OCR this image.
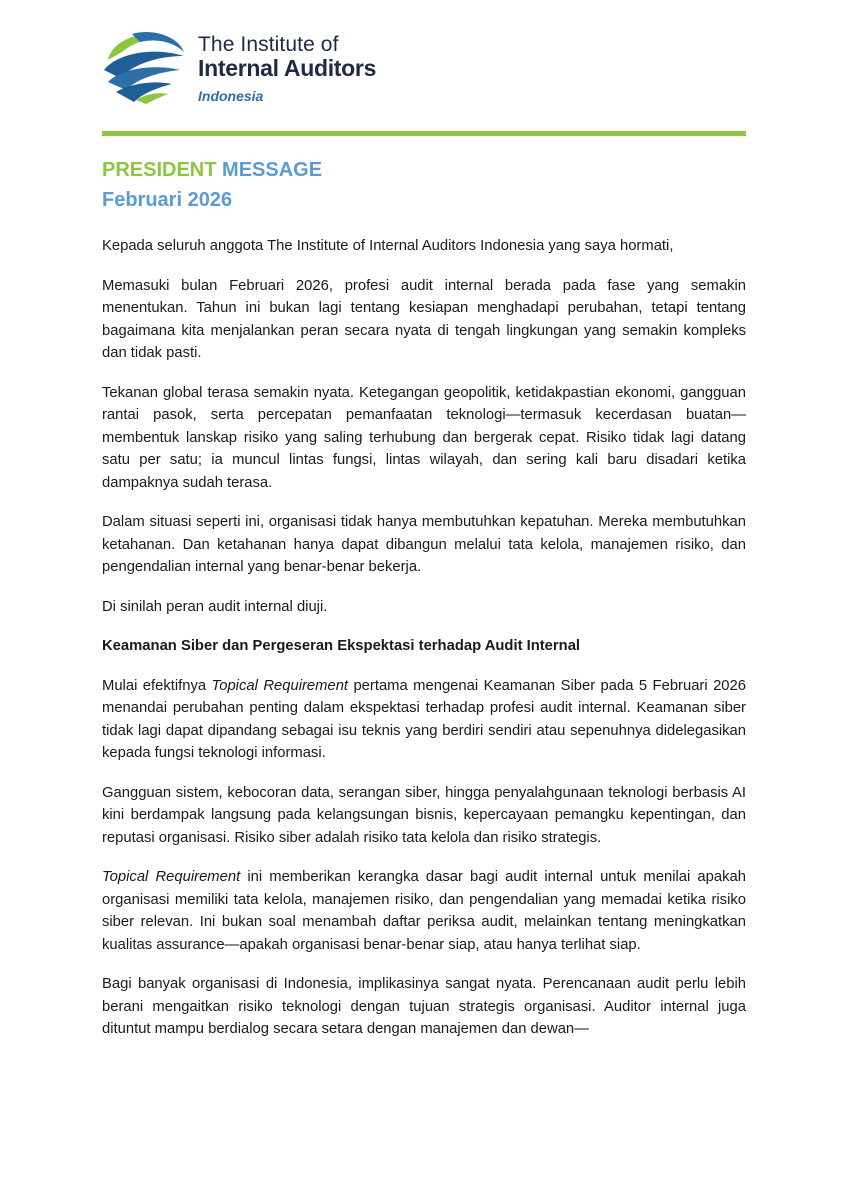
The Institute of
Internal Auditors
Indonesia
PRESIDENT MESSAGE
Februari 2026

Kepada seluruh anggota The Institute of Internal Auditors Indonesia yang saya hormati,

Memasuki bulan Februari 2026, profesi audit internal berada pada fase yang semakin menentukan. Tahun ini bukan lagi tentang kesiapan menghadapi perubahan, tetapi tentang bagaimana kita menjalankan peran secara nyata di tengah lingkungan yang semakin kompleks dan tidak pasti.

Tekanan global terasa semakin nyata. Ketegangan geopolitik, ketidakpastian ekonomi, gangguan rantai pasok, serta percepatan pemanfaatan teknologi—termasuk kecerdasan buatan—membentuk lanskap risiko yang saling terhubung dan bergerak cepat. Risiko tidak lagi datang satu per satu; ia muncul lintas fungsi, lintas wilayah, dan sering kali baru disadari ketika dampaknya sudah terasa.

Dalam situasi seperti ini, organisasi tidak hanya membutuhkan kepatuhan. Mereka membutuhkan ketahanan. Dan ketahanan hanya dapat dibangun melalui tata kelola, manajemen risiko, dan pengendalian internal yang benar-benar bekerja.

Di sinilah peran audit internal diuji.

Keamanan Siber dan Pergeseran Ekspektasi terhadap Audit Internal

Mulai efektifnya Topical Requirement pertama mengenai Keamanan Siber pada 5 Februari 2026 menandai perubahan penting dalam ekspektasi terhadap profesi audit internal. Keamanan siber tidak lagi dapat dipandang sebagai isu teknis yang berdiri sendiri atau sepenuhnya didelegasikan kepada fungsi teknologi informasi.

Gangguan sistem, kebocoran data, serangan siber, hingga penyalahgunaan teknologi berbasis AI kini berdampak langsung pada kelangsungan bisnis, kepercayaan pemangku kepentingan, dan reputasi organisasi. Risiko siber adalah risiko tata kelola dan risiko strategis.

Topical Requirement ini memberikan kerangka dasar bagi audit internal untuk menilai apakah organisasi memiliki tata kelola, manajemen risiko, dan pengendalian yang memadai ketika risiko siber relevan. Ini bukan soal menambah daftar periksa audit, melainkan tentang meningkatkan kualitas assurance—apakah organisasi benar-benar siap, atau hanya terlihat siap.

Bagi banyak organisasi di Indonesia, implikasinya sangat nyata. Perencanaan audit perlu lebih berani mengaitkan risiko teknologi dengan tujuan strategis organisasi. Auditor internal juga dituntut mampu berdialog secara setara dengan manajemen dan dewan—
